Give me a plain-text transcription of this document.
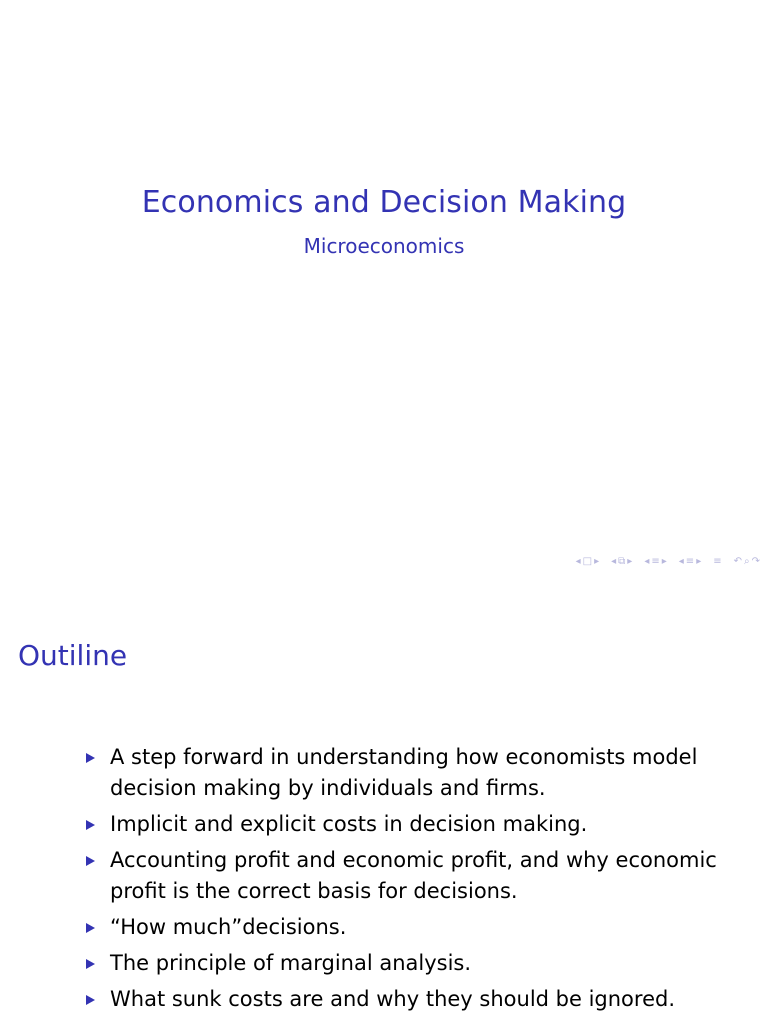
Economics and Decision Making
Microeconomics
◂ □ ▸ ◂ ⧉ ▸ ◂ ≡ ▸ ◂ ≡ ▸ ≡ ↶ ⌕ ↷
Outiline
A step forward in understanding how economists model decision making by individuals and firms.
Implicit and explicit costs in decision making.
Accounting profit and economic profit, and why economic profit is the correct basis for decisions.
“How much”decisions.
The principle of marginal analysis.
What sunk costs are and why they should be ignored.
